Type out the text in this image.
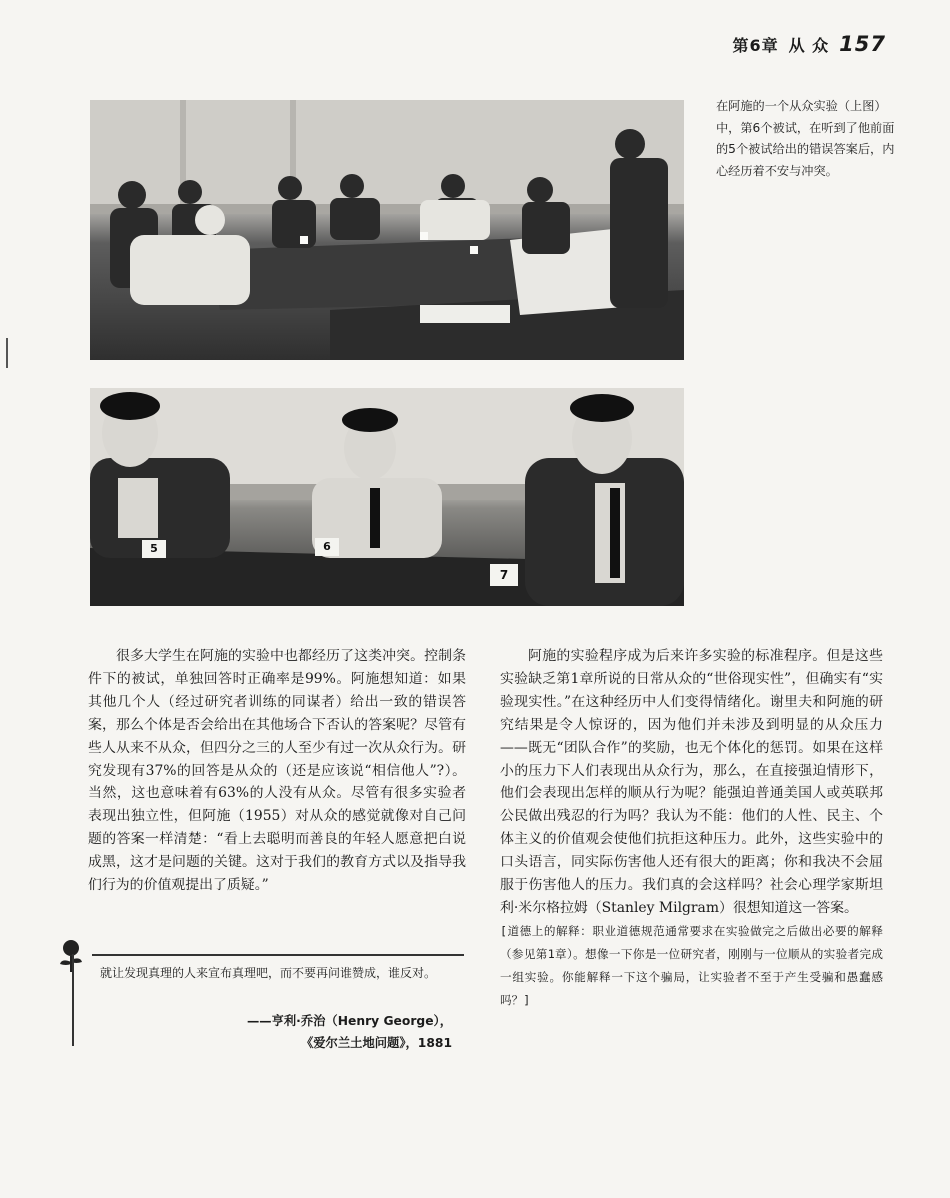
第6章 从 众 157
5	6
7
在阿施的一个从众实验（上图）中，第6个被试，在听到了他前面的5个被试给出的错误答案后，内心经历着不安与冲突。
很多大学生在阿施的实验中也都经历了这类冲突。控制条件下的被试，单独回答时正确率是99%。阿施想知道：如果其他几个人（经过研究者训练的同谋者）给出一致的错误答案，那么个体是否会给出在其他场合下否认的答案呢？尽管有些人从来不从众，但四分之三的人至少有过一次从众行为。研究发现有37%的回答是从众的（还是应该说“相信他人”?）。当然，这也意味着有63%的人没有从众。尽管有很多实验者表现出独立性，但阿施（1955）对从众的感觉就像对自己问题的答案一样清楚：“看上去聪明而善良的年轻人愿意把白说成黑，这才是问题的关键。这对于我们的教育方式以及指导我们行为的价值观提出了质疑。”
就让发现真理的人来宣布真理吧，而不要再问谁赞成，谁反对。
——亨利·乔治（Henry George），
《爱尔兰土地问题》，1881
阿施的实验程序成为后来许多实验的标准程序。但是这些实验缺乏第1章所说的日常从众的“世俗现实性”，但确实有“实验现实性。”在这种经历中人们变得情绪化。谢里夫和阿施的研究结果是令人惊讶的，因为他们并未涉及到明显的从众压力——既无“团队合作”的奖励，也无个体化的惩罚。如果在这样小的压力下人们表现出从众行为，那么，在直接强迫情形下，他们会表现出怎样的顺从行为呢？能强迫普通美国人或英联邦公民做出残忍的行为吗？我认为不能：他们的人性、民主、个体主义的价值观会使他们抗拒这种压力。此外，这些实验中的口头语言，同实际伤害他人还有很大的距离；你和我决不会屈服于伤害他人的压力。我们真的会这样吗？社会心理学家斯坦利·米尔格拉姆（Stanley Milgram）很想知道这一答案。
[道德上的解释：职业道德规范通常要求在实验做完之后做出必要的解释（参见第1章）。想像一下你是一位研究者，刚刚与一位顺从的实验者完成一组实验。你能解释一下这个骗局，让实验者不至于产生受骗和愚蠢感吗？]
